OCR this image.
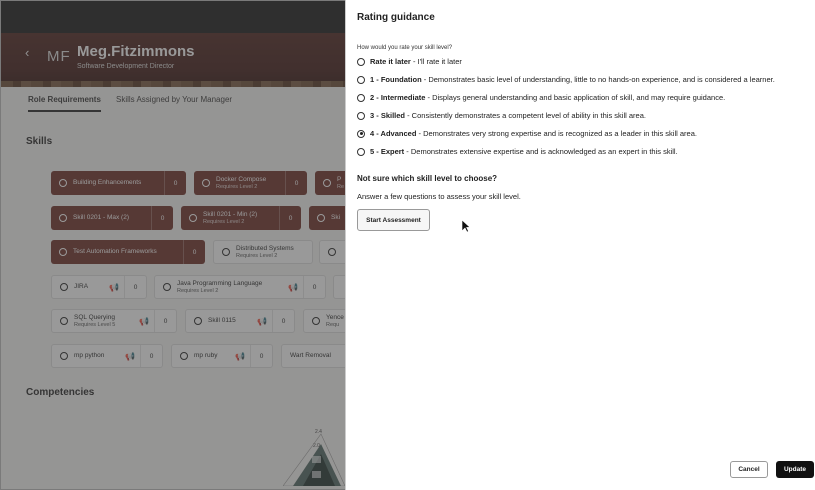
Rating guidance
How would you rate your skill level?
Rate it later - I'll rate it later
1 - Foundation - Demonstrates basic level of understanding, little to no hands-on experience, and is considered a learner.
2 - Intermediate - Displays general understanding and basic application of skill, and may require guidance.
3 - Skilled - Consistently demonstrates a competent level of ability in this skill area.
4 - Advanced - Demonstrates very strong expertise and is recognized as a leader in this skill area.
5 - Expert - Demonstrates extensive expertise and is acknowledged as an expert in this skill.
Not sure which skill level to choose?
Answer a few questions to assess your skill level.
Start Assessment
Cancel	Update
